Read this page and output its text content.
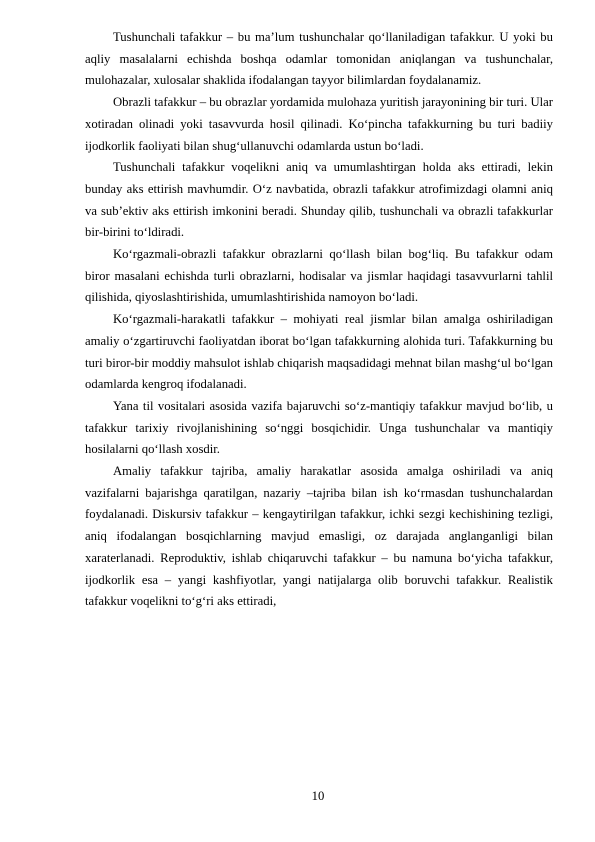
Tushunchali tafakkur – bu ma’lum tushunchalar qo‘llaniladigan tafakkur. U yoki bu aqliy masalalarni echishda boshqa odamlar tomonidan aniqlangan va tushunchalar, mulohazalar, xulosalar shaklida ifodalangan tayyor bilimlardan foydalanamiz.

Obrazli tafakkur – bu obrazlar yordamida mulohaza yuritish jarayonining bir turi. Ular xotiradan olinadi yoki tasavvurda hosil qilinadi. Ko‘pincha tafakkurning bu turi badiiy ijodkorlik faoliyati bilan shug‘ullanuvchi odamlarda ustun bo‘ladi.

Tushunchali tafakkur voqelikni aniq va umumlashtirgan holda aks ettiradi, lekin bunday aks ettirish mavhumdir. O‘z navbatida, obrazli tafakkur atrofimizdagi olamni aniq va sub’ektiv aks ettirish imkonini beradi. Shunday qilib, tushunchali va obrazli tafakkurlar bir-birini to‘ldiradi.

Ko‘rgazmali-obrazli tafakkur obrazlarni qo‘llash bilan bog‘liq. Bu tafakkur odam biror masalani echishda turli obrazlarni, hodisalar va jismlar haqidagi tasavvurlarni tahlil qilishida, qiyoslashtirishida, umumlashtirishida namoyon bo‘ladi.

Ko‘rgazmali-harakatli tafakkur – mohiyati real jismlar bilan amalga oshiriladigan amaliy o‘zgartiruvchi faoliyatdan iborat bo‘lgan tafakkurning alohida turi. Tafakkurning bu turi biror-bir moddiy mahsulot ishlab chiqarish maqsadidagi mehnat bilan mashg‘ul bo‘lgan odamlarda kengroq ifodalanadi.

Yana til vositalari asosida vazifa bajaruvchi so‘z-mantiqiy tafakkur mavjud bo‘lib, u tafakkur tarixiy rivojlanishining so‘nggi bosqichidir. Unga tushunchalar va mantiqiy hosilalarni qo‘llash xosdir.

Amaliy tafakkur tajriba, amaliy harakatlar asosida amalga oshiriladi va aniq vazifalarni bajarishga qaratilgan, nazariy –tajriba bilan ish ko‘rmasdan tushunchalardan foydalanadi. Diskursiv tafakkur – kengaytirilgan tafakkur, ichki sezgi kechishining tezligi, aniq ifodalangan bosqichlarning mavjud emasligi, oz darajada anglanganligi bilan xaraterlanadi. Reproduktiv, ishlab chiqaruvchi tafakkur – bu namuna bo‘yicha tafakkur, ijodkorlik esa – yangi kashfiyotlar, yangi natijalarga olib boruvchi tafakkur. Realistik tafakkur voqelikni to‘g‘ri aks ettiradi,

10
